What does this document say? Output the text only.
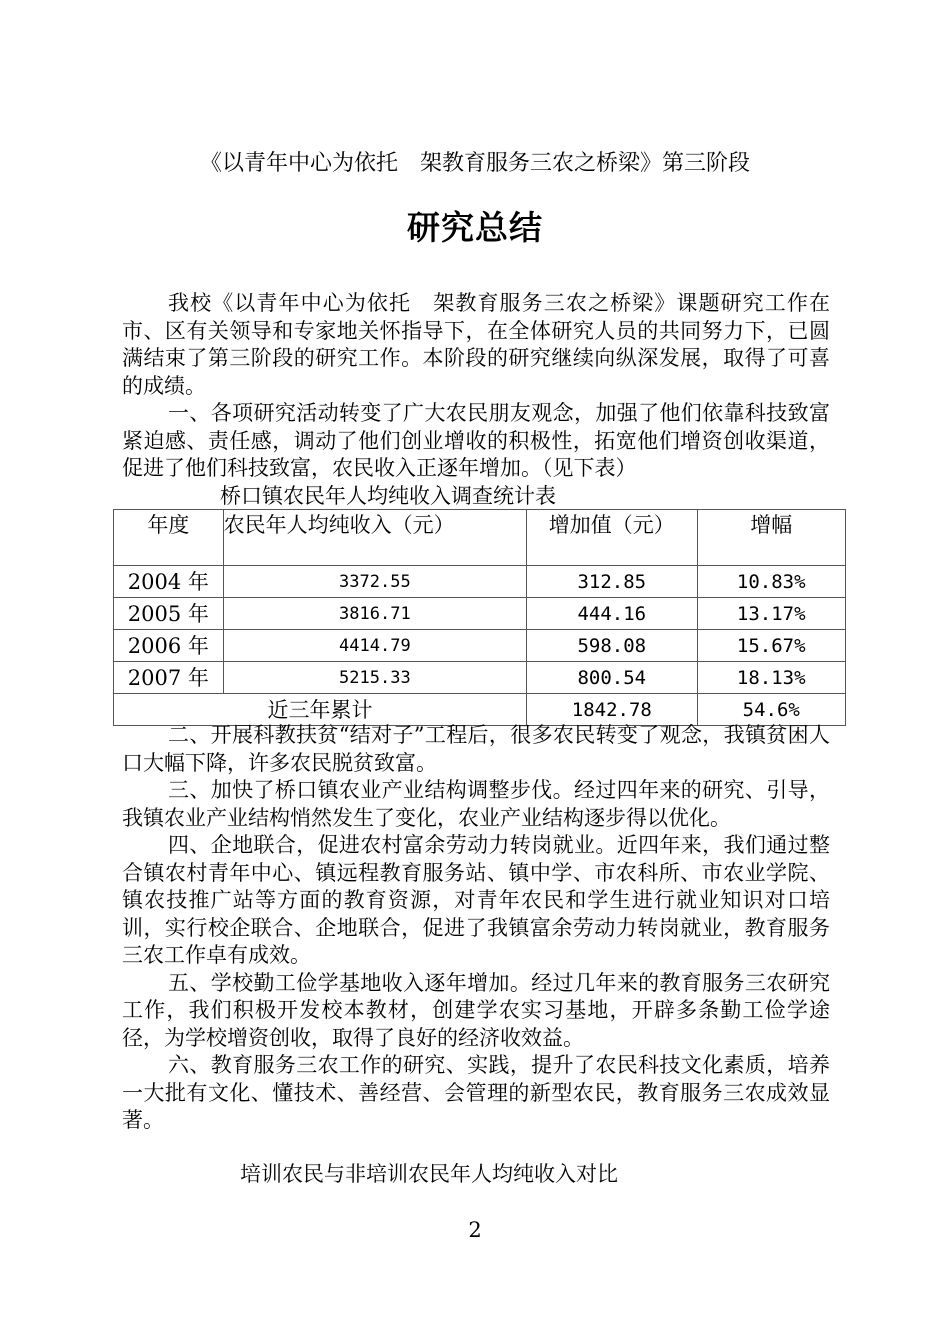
《以青年中心为依托　架教育服务三农之桥梁》第三阶段
研究总结

我校《以青年中心为依托　架教育服务三农之桥梁》课题研究工作在市、区有关领导和专家地关怀指导下，在全体研究人员的共同努力下，已圆满结束了第三阶段的研究工作。本阶段的研究继续向纵深发展，取得了可喜的成绩。

一、各项研究活动转变了广大农民朋友观念，加强了他们依靠科技致富紧迫感、责任感，调动了他们创业增收的积极性，拓宽他们增资创收渠道，促进了他们科技致富，农民收入正逐年增加。（见下表）

桥口镇农民年人均纯收入调查统计表
年度	农民年人均纯收入（元）	增加值（元）	增幅
2004 年	3372.55	312.85	10.83%
2005 年	3816.71	444.16	13.17%
2006 年	4414.79	598.08	15.67%
2007 年	5215.33	800.54	18.13%
近三年累计		1842.78	54.6%

二、开展科教扶贫“结对子”工程后，很多农民转变了观念，我镇贫困人口大幅下降，许多农民脱贫致富。

三、加快了桥口镇农业产业结构调整步伐。经过四年来的研究、引导，我镇农业产业结构悄然发生了变化，农业产业结构逐步得以优化。

四、企地联合，促进农村富余劳动力转岗就业。近四年来，我们通过整合镇农村青年中心、镇远程教育服务站、镇中学、市农科所、市农业学院、镇农技推广站等方面的教育资源，对青年农民和学生进行就业知识对口培训，实行校企联合、企地联合，促进了我镇富余劳动力转岗就业，教育服务三农工作卓有成效。

五、学校勤工俭学基地收入逐年增加。经过几年来的教育服务三农研究工作，我们积极开发校本教材，创建学农实习基地，开辟多条勤工俭学途径，为学校增资创收，取得了良好的经济收效益。

六、教育服务三农工作的研究、实践，提升了农民科技文化素质，培养一大批有文化、懂技术、善经营、会管理的新型农民，教育服务三农成效显著。

培训农民与非培训农民年人均纯收入对比
2
